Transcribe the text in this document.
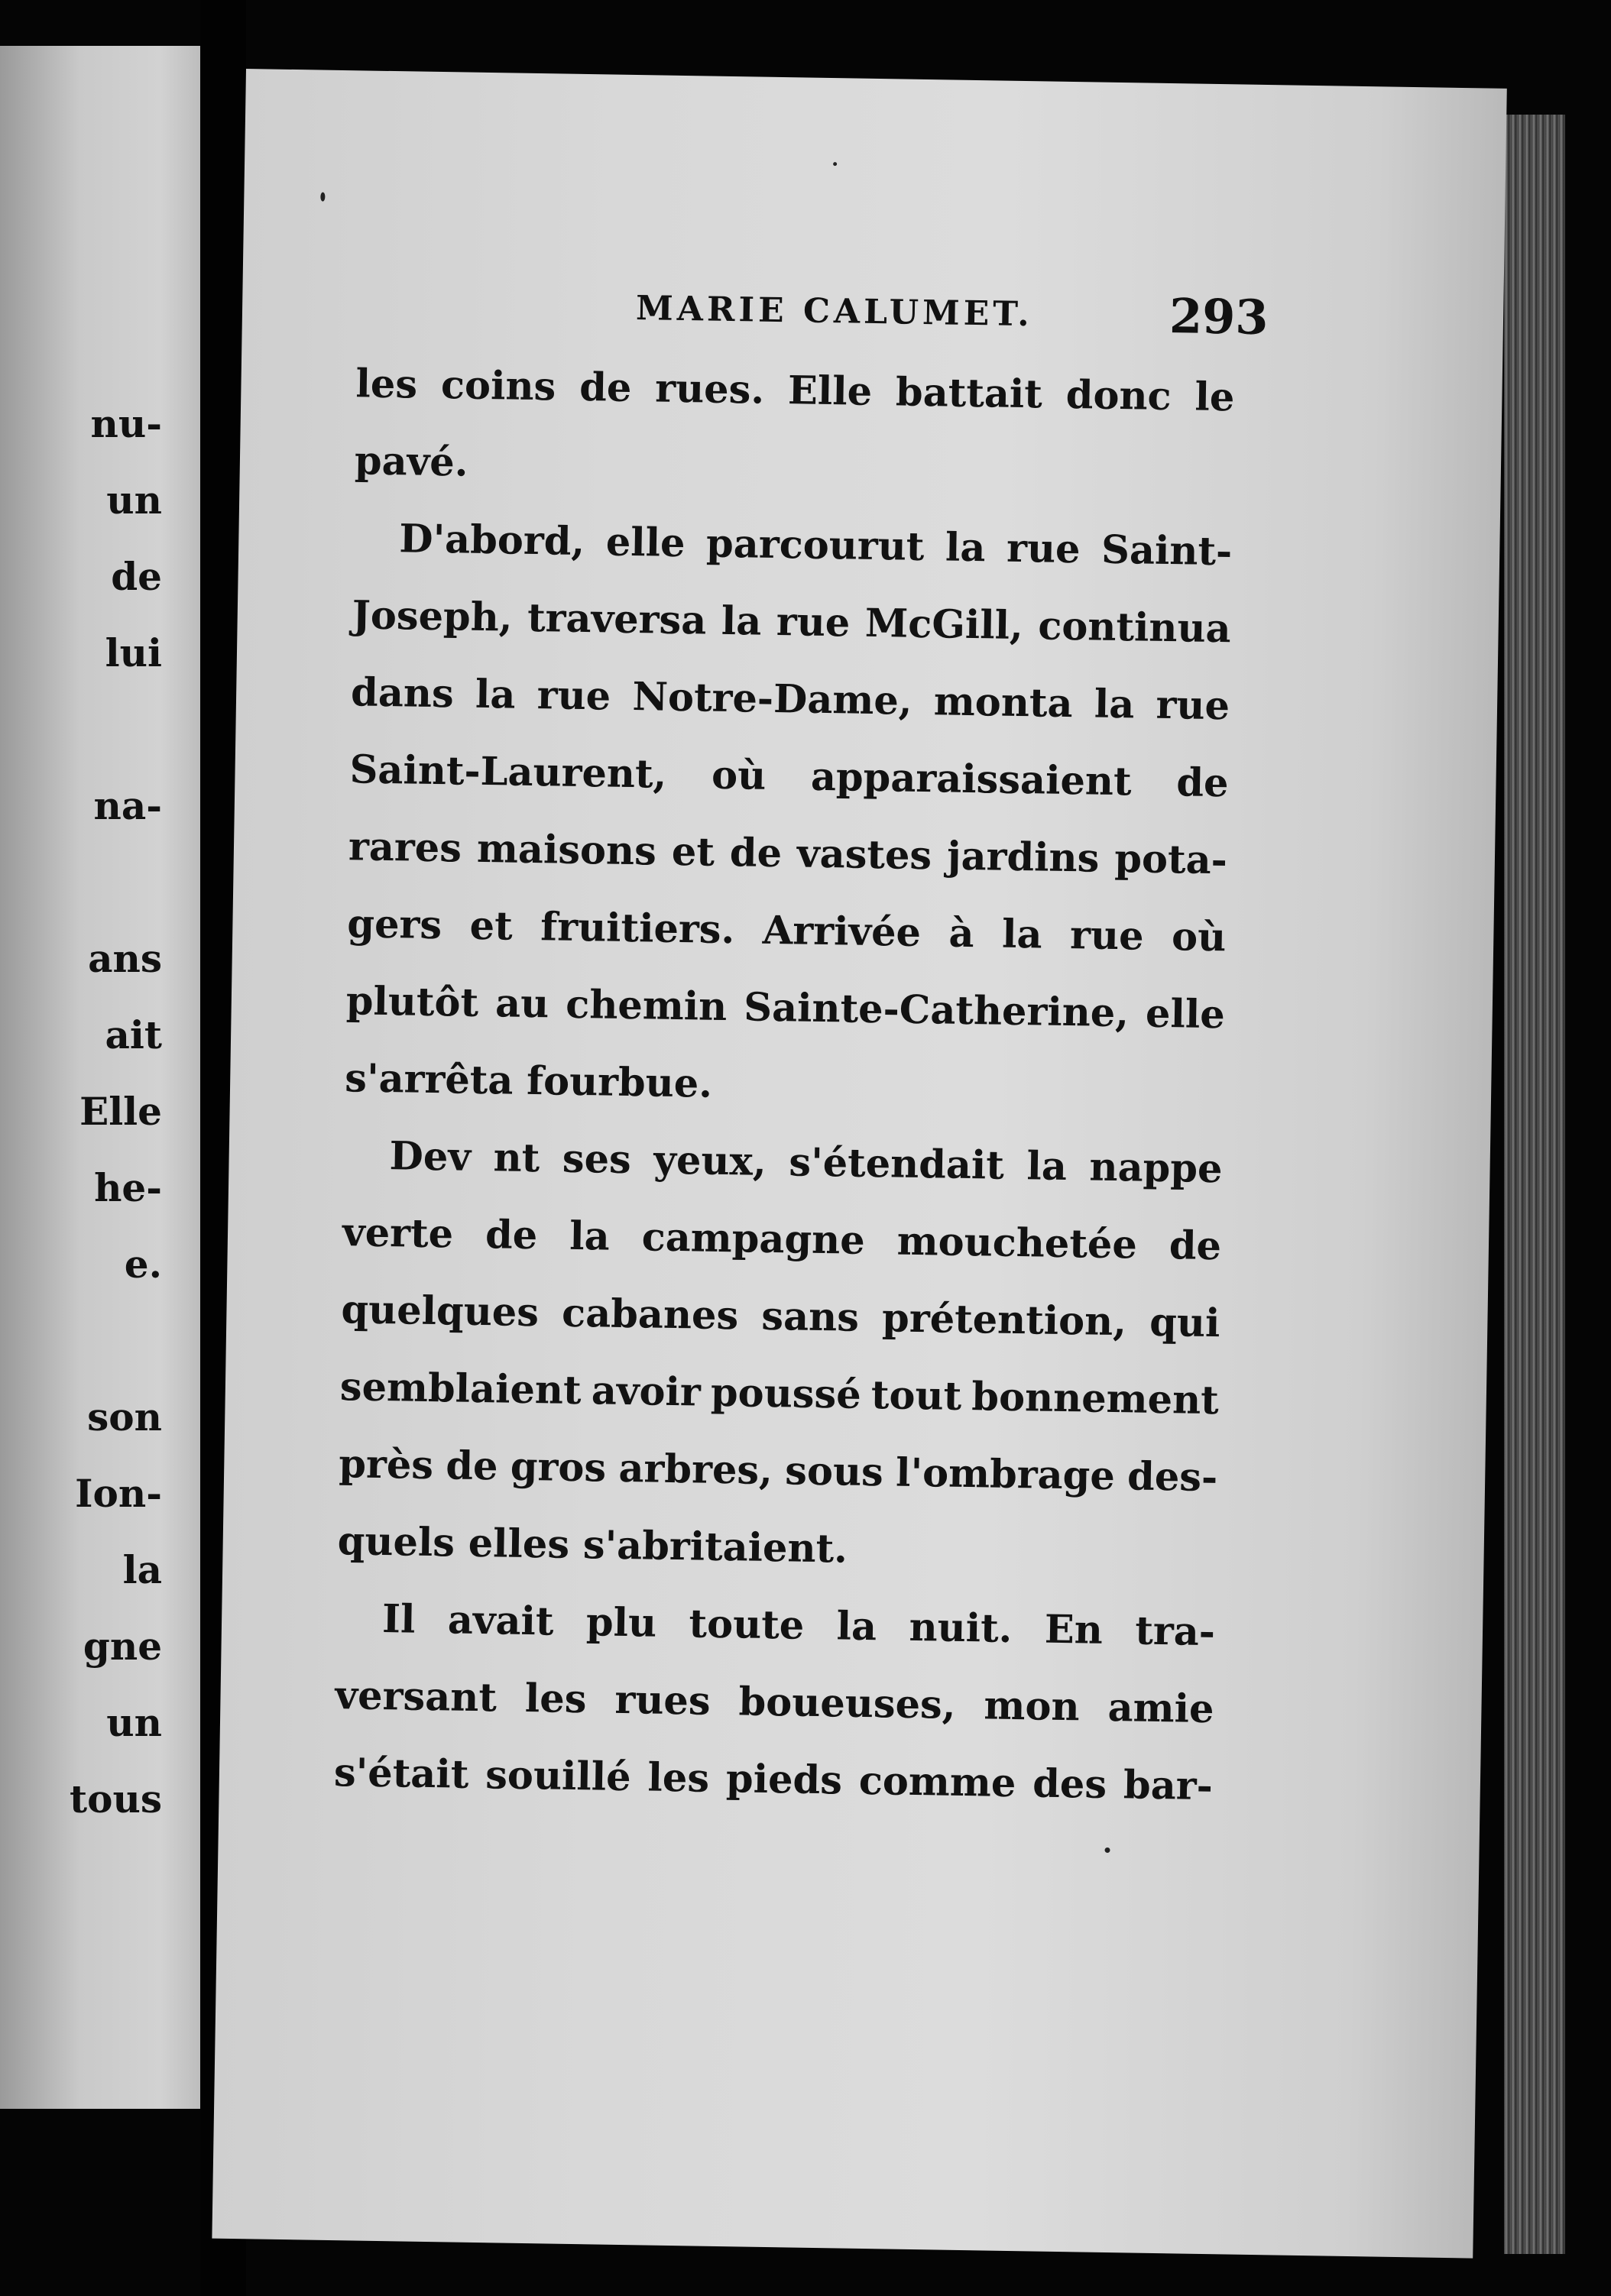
nu-
un
de
lui
na-
ans
ait
Elle
he-
e.
son
Ion-
la
gne
un
tous
MARIE CALUMET.	293
les coins de rues. Elle battait donc le
pavé.
D'abord, elle parcourut la rue Saint-
Joseph, traversa la rue McGill, continua
dans la rue Notre-Dame, monta la rue
Saint-Laurent, où apparaissaient de
rares maisons et de vastes jardins pota-
gers et fruitiers. Arrivée à la rue où
plutôt au chemin Sainte-Catherine, elle
s'arrêta fourbue.
Dev nt ses yeux, s'étendait la nappe
verte de la campagne mouchetée de
quelques cabanes sans prétention, qui
semblaient avoir poussé tout bonnement
près de gros arbres, sous l'ombrage des-
quels elles s'abritaient.
Il avait plu toute la nuit. En tra-
versant les rues boueuses, mon amie
s'était souillé les pieds comme des bar-
